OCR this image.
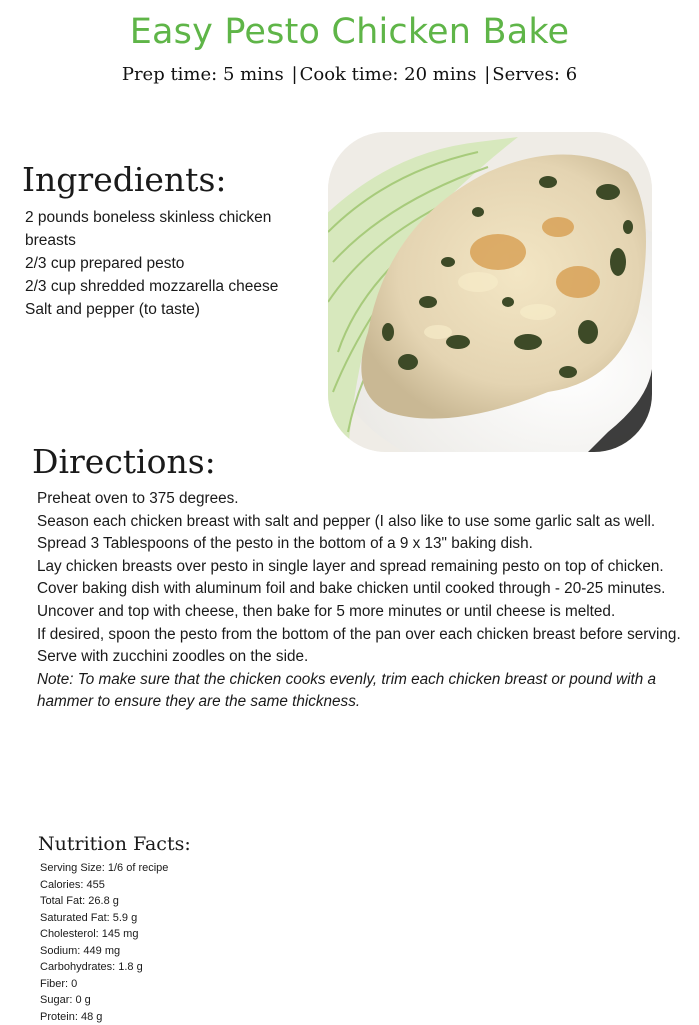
Easy Pesto Chicken Bake
Prep time: 5 mins | Cook time: 20 mins | Serves: 6
Ingredients:
2 pounds boneless skinless chicken breasts
2/3 cup prepared pesto
2/3 cup shredded mozzarella cheese
Salt and pepper (to taste)
Directions:
Preheat oven to 375 degrees.
Season each chicken breast with salt and pepper (I also like to use some garlic salt as well.
Spread 3 Tablespoons of the pesto in the bottom of a 9 x 13" baking dish.
Lay chicken breasts over pesto in single layer and spread remaining pesto on top of chicken. Cover baking dish with aluminum foil and bake chicken until cooked through - 20-25 minutes. Uncover and top with cheese, then bake for 5 more minutes or until cheese is melted.
If desired, spoon the pesto from the bottom of the pan over each chicken breast before serving.
Serve with zucchini zoodles on the side.
Note: To make sure that the chicken cooks evenly, trim each chicken breast or pound with a hammer to ensure they are the same thickness.
Nutrition Facts:
Serving Size: 1/6 of recipe
Calories: 455
Total Fat: 26.8 g
Saturated Fat: 5.9 g
Cholesterol: 145 mg
Sodium: 449 mg
Carbohydrates: 1.8 g
Fiber: 0
Sugar: 0 g
Protein: 48 g
